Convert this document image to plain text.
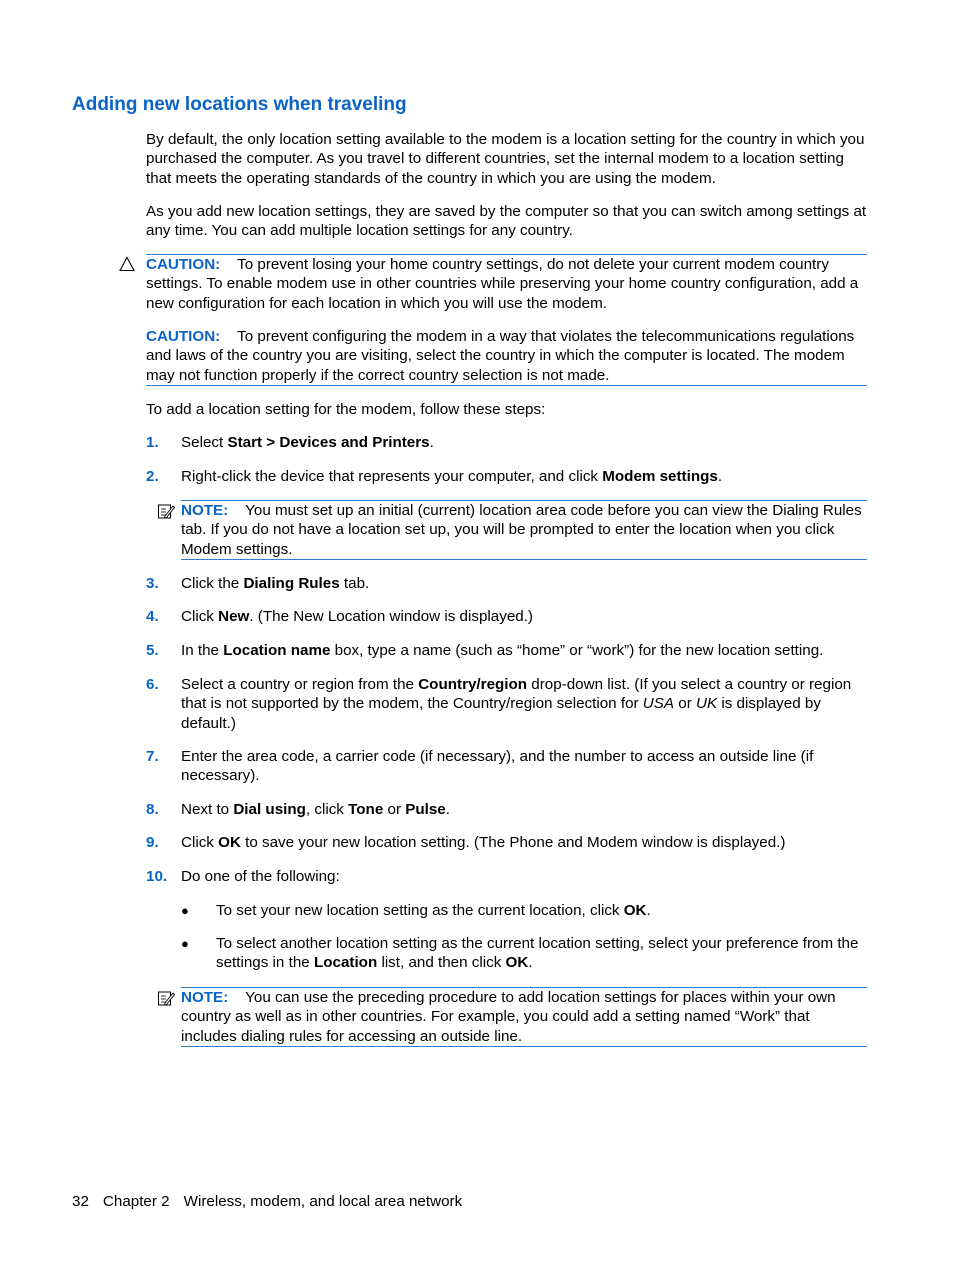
Adding new locations when traveling
By default, the only location setting available to the modem is a location setting for the country in which you purchased the computer. As you travel to different countries, set the internal modem to a location setting that meets the operating standards of the country in which you are using the modem.
As you add new location settings, they are saved by the computer so that you can switch among settings at any time. You can add multiple location settings for any country.
CAUTION: To prevent losing your home country settings, do not delete your current modem country settings. To enable modem use in other countries while preserving your home country configuration, add a new configuration for each location in which you will use the modem.
CAUTION: To prevent configuring the modem in a way that violates the telecommunications regulations and laws of the country you are visiting, select the country in which the computer is located. The modem may not function properly if the correct country selection is not made.
To add a location setting for the modem, follow these steps:
1. Select Start > Devices and Printers.
2. Right-click the device that represents your computer, and click Modem settings.
NOTE: You must set up an initial (current) location area code before you can view the Dialing Rules tab. If you do not have a location set up, you will be prompted to enter the location when you click Modem settings.
3. Click the Dialing Rules tab.
4. Click New. (The New Location window is displayed.)
5. In the Location name box, type a name (such as “home” or “work”) for the new location setting.
6. Select a country or region from the Country/region drop-down list. (If you select a country or region that is not supported by the modem, the Country/region selection for USA or UK is displayed by default.)
7. Enter the area code, a carrier code (if necessary), and the number to access an outside line (if necessary).
8. Next to Dial using, click Tone or Pulse.
9. Click OK to save your new location setting. (The Phone and Modem window is displayed.)
10. Do one of the following:
● To set your new location setting as the current location, click OK.
● To select another location setting as the current location setting, select your preference from the settings in the Location list, and then click OK.
NOTE: You can use the preceding procedure to add location settings for places within your own country as well as in other countries. For example, you could add a setting named “Work” that includes dialing rules for accessing an outside line.
32 Chapter 2 Wireless, modem, and local area network
